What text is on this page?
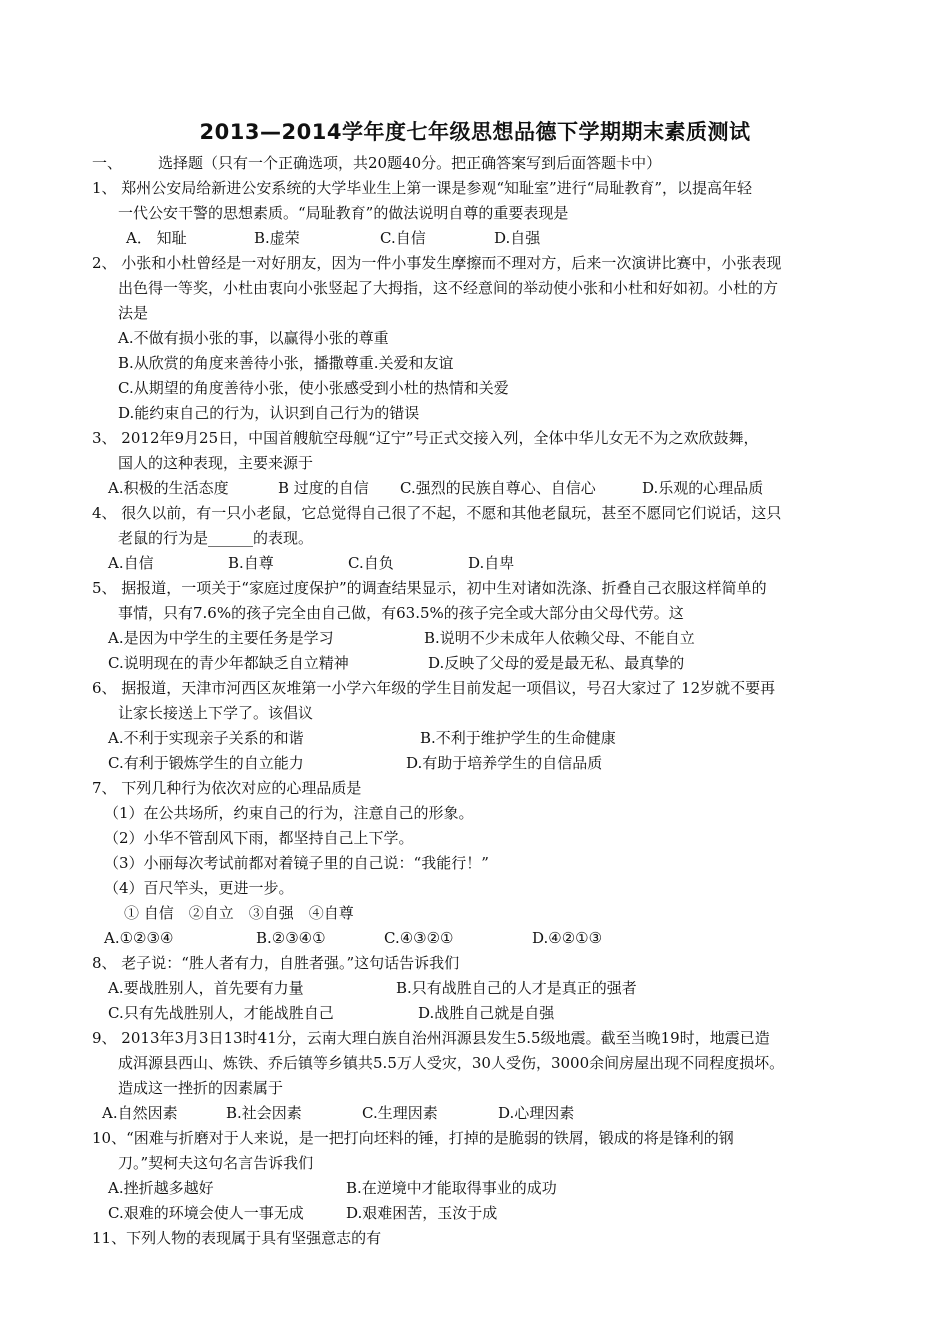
2013—2014学年度七年级思想品德下学期期末素质测试
一、 选择题（只有一个正确选项，共20题40分。把正确答案写到后面答题卡中）
1、 郑州公安局给新进公安系统的大学毕业生上第一课是参观“知耻室”进行“局耻教育”，以提高年轻
一代公安干警的思想素质。“局耻教育”的做法说明自尊的重要表现是
A． 知耻	B.虚荣	C.自信	D.自强
2、 小张和小杜曾经是一对好朋友，因为一件小事发生摩擦而不理对方，后来一次演讲比赛中，小张表现
出色得一等奖，小杜由衷向小张竖起了大拇指，这不经意间的举动使小张和小杜和好如初。小杜的方
法是
A.不做有损小张的事，以赢得小张的尊重
B.从欣赏的角度来善待小张，播撒尊重.关爱和友谊
C.从期望的角度善待小张，使小张感受到小杜的热情和关爱
D.能约束自己的行为，认识到自己行为的错误
3、 2012年9月25日，中国首艘航空母舰“辽宁”号正式交接入列，全体中华儿女无不为之欢欣鼓舞，
国人的这种表现，主要来源于
A.积极的生活态度	B 过度的自信 C.强烈的民族自尊心、自信心	D.乐观的心理品质
4、 很久以前，有一只小老鼠，它总觉得自己很了不起，不愿和其他老鼠玩，甚至不愿同它们说话，这只
老鼠的行为是______的表现。
A.自信	B.自尊	C.自负	D.自卑
5、 据报道，一项关于“家庭过度保护”的调查结果显示，初中生对诸如洗涤、折叠自己衣服这样简单的
事情，只有7.6%的孩子完全由自己做，有63.5%的孩子完全或大部分由父母代劳。这
A.是因为中学生的主要任务是学习	B.说明不少未成年人依赖父母、不能自立
C.说明现在的青少年都缺乏自立精神	D.反映了父母的爱是最无私、最真挚的
6、 据报道，天津市河西区灰堆第一小学六年级的学生目前发起一项倡议，号召大家过了 12岁就不要再
让家长接送上下学了。该倡议
A.不利于实现亲子关系的和谐	B.不利于维护学生的生命健康
C.有利于锻炼学生的自立能力	D.有助于培养学生的自信品质
7、 下列几种行为依次对应的心理品质是
（1）在公共场所，约束自己的行为，注意自己的形象。
（2）小华不管刮风下雨，都坚持自己上下学。
（3）小丽每次考试前都对着镜子里的自己说：“我能行！”
（4）百尺竿头，更进一步。
① 自信　②自立　③自强　④自尊
A.①②③④	B.②③④①	C.④③②①	D.④②①③
8、 老子说：“胜人者有力，自胜者强。”这句话告诉我们
A.要战胜别人，首先要有力量	B.只有战胜自己的人才是真正的强者
C.只有先战胜别人，才能战胜自己	D.战胜自己就是自强
9、 2013年3月3日13时41分，云南大理白族自治州洱源县发生5.5级地震。截至当晚19时，地震已造
成洱源县西山、炼铁、乔后镇等乡镇共5.5万人受灾，30人受伤，3000余间房屋出现不同程度损坏。
造成这一挫折的因素属于
A.自然因素	B.社会因素	C.生理因素	D.心理因素
10、“困难与折磨对于人来说，是一把打向坯料的锤，打掉的是脆弱的铁屑，锻成的将是锋利的钢
刀。”契柯夫这句名言告诉我们
A.挫折越多越好	B.在逆境中才能取得事业的成功
C.艰难的环境会使人一事无成	D.艰难困苦，玉汝于成
11、下列人物的表现属于具有坚强意志的有
